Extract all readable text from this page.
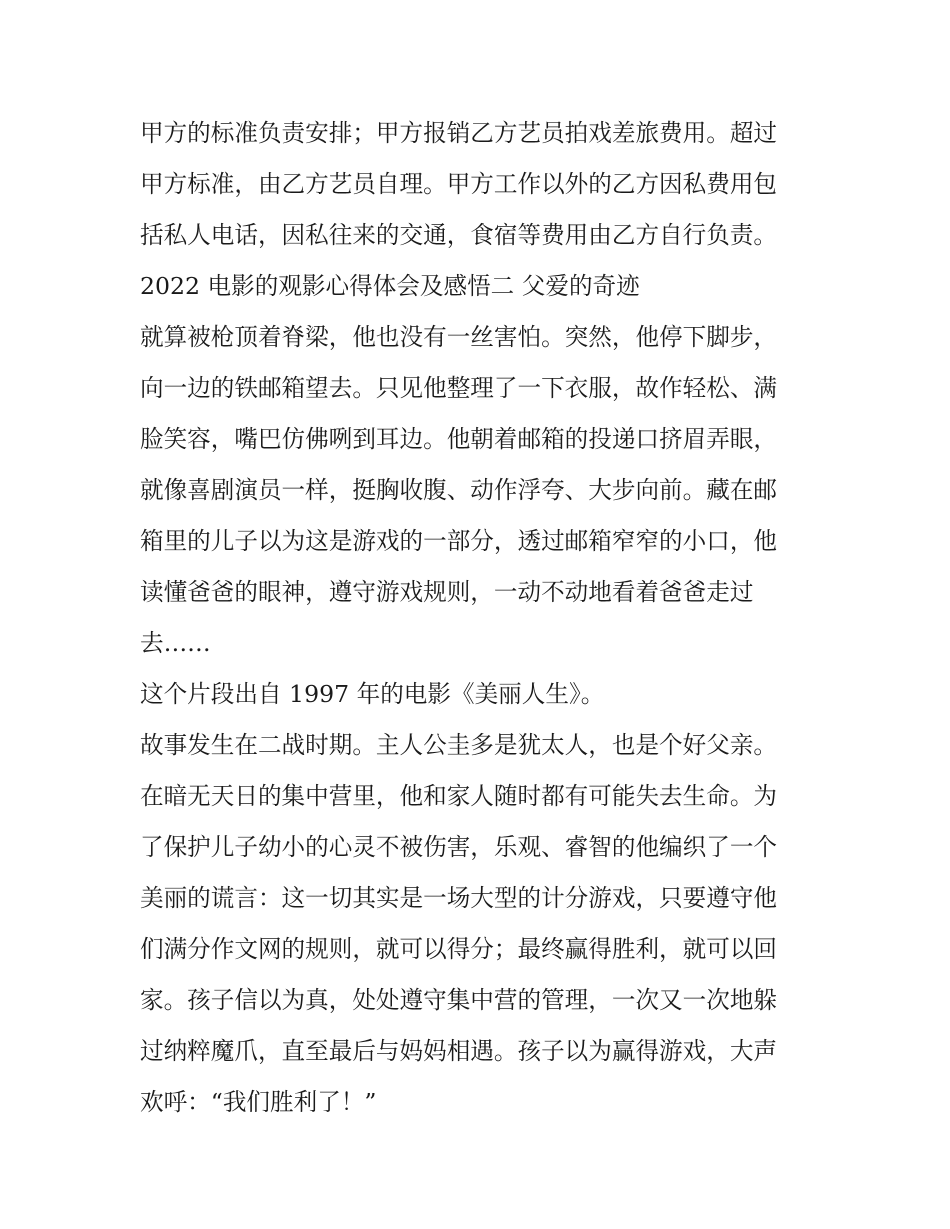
甲方的标准负责安排；甲方报销乙方艺员拍戏差旅费用。超过
甲方标准，由乙方艺员自理。甲方工作以外的乙方因私费用包
括私人电话，因私往来的交通，食宿等费用由乙方自行负责。
2022 电影的观影心得体会及感悟二 父爱的奇迹
就算被枪顶着脊梁，他也没有一丝害怕。突然，他停下脚步，
向一边的铁邮箱望去。只见他整理了一下衣服，故作轻松、满
脸笑容，嘴巴仿佛咧到耳边。他朝着邮箱的投递口挤眉弄眼，
就像喜剧演员一样，挺胸收腹、动作浮夸、大步向前。藏在邮
箱里的儿子以为这是游戏的一部分，透过邮箱窄窄的小口，他
读懂爸爸的眼神，遵守游戏规则，一动不动地看着爸爸走过
去……
这个片段出自 1997 年的电影《美丽人生》。
故事发生在二战时期。主人公圭多是犹太人，也是个好父亲。
在暗无天日的集中营里，他和家人随时都有可能失去生命。为
了保护儿子幼小的心灵不被伤害，乐观、睿智的他编织了一个
美丽的谎言：这一切其实是一场大型的计分游戏，只要遵守他
们满分作文网的规则，就可以得分；最终赢得胜利，就可以回
家。孩子信以为真，处处遵守集中营的管理，一次又一次地躲
过纳粹魔爪，直至最后与妈妈相遇。孩子以为赢得游戏，大声
欢呼：“我们胜利了！”
